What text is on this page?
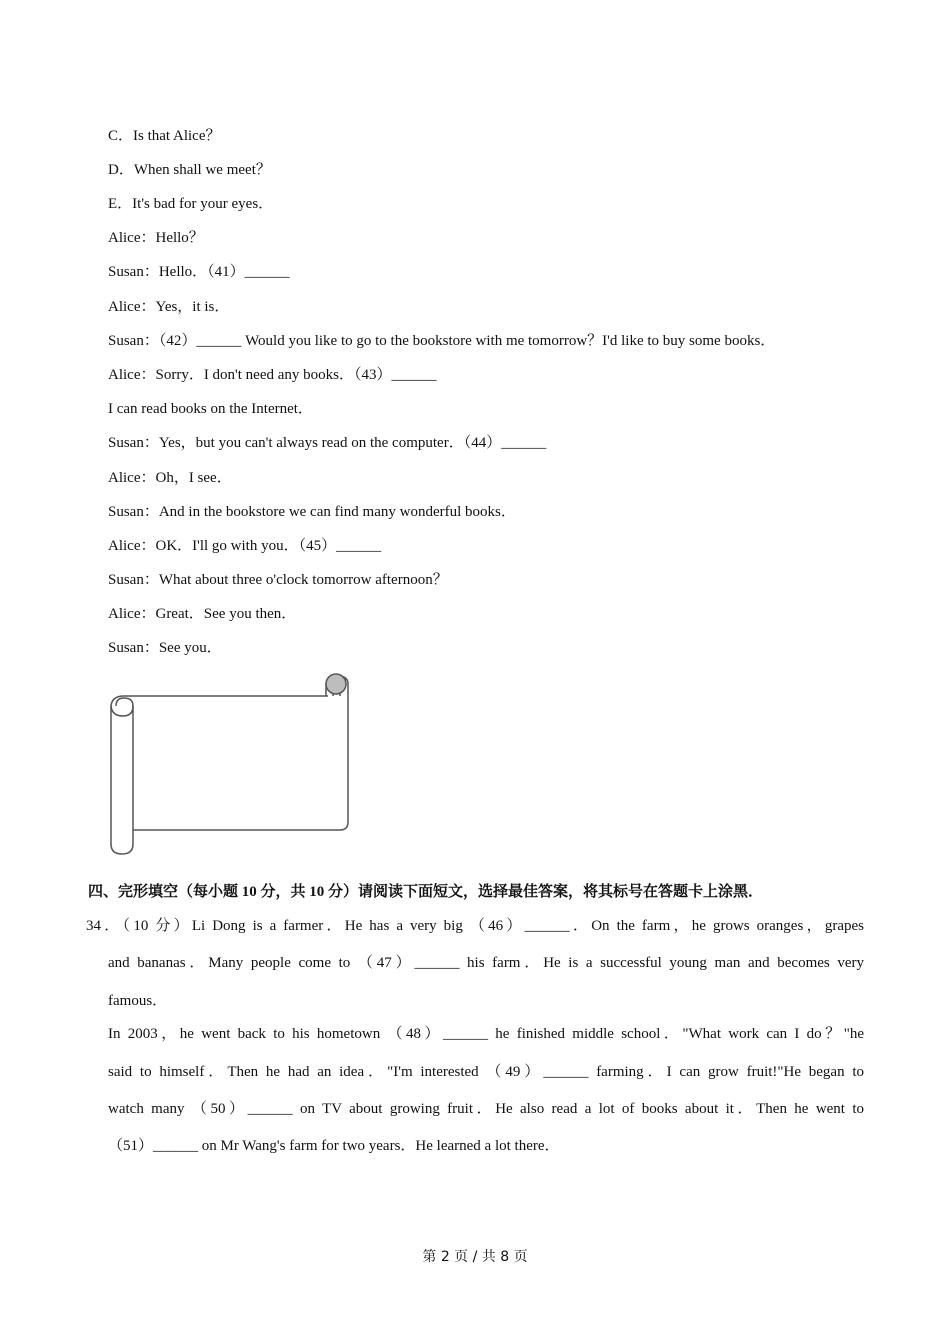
C．Is that Alice？
D．When shall we meet？
E．It's bad for your eyes．
Alice：Hello？
Susan：Hello．（41）______
Alice：Yes，it is．
Susan：（42）______ Would you like to go to the bookstore with me tomorrow？I'd like to buy some books．
Alice：Sorry．I don't need any books．（43）______
I can read books on the Internet．
Susan：Yes，but you can't always read on the computer．（44）______
Alice：Oh，I see．
Susan：And in the bookstore we can find many wonderful books．
Alice：OK．I'll go with you．（45）______
Susan：What about three o'clock tomorrow afternoon？
Alice：Great．See you then．
Susan：See you．
四、完形填空（每小题 10 分，共 10 分）请阅读下面短文，选择最佳答案，将其标号在答题卡上涂黑．
34．（10 分）Li Dong is a farmer．He has a very big （46）______．On the farm，he grows oranges，grapes
and bananas．Many people come to （47）______ his farm．He is a successful young man and becomes very
famous．
In 2003，he went back to his hometown （48）______ he finished middle school．"What work can I do？"he
said to himself．Then he had an idea．"I'm interested （49）______ farming．I can grow fruit!"He began to
watch many （50）______ on TV about growing fruit．He also read a lot of books about it．Then he went to
（51）______ on Mr Wang's farm for two years．He learned a lot there．
第 2 页 / 共 8 页
